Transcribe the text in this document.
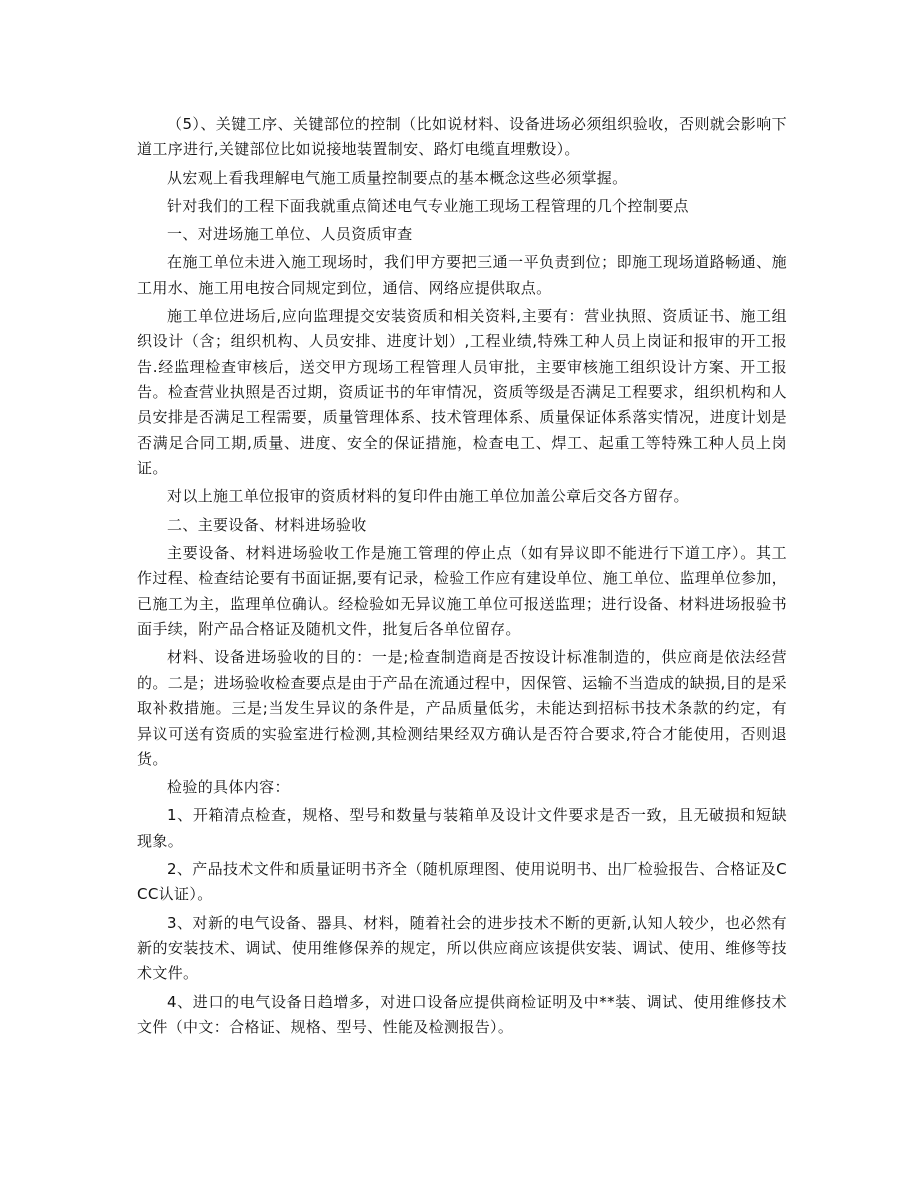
（5）、关键工序、关键部位的控制（比如说材料、设备进场必须组织验收，否则就会影响下道工序进行,关键部位比如说接地装置制安、路灯电缆直埋敷设）。

从宏观上看我理解电气施工质量控制要点的基本概念这些必须掌握。

针对我们的工程下面我就重点简述电气专业施工现场工程管理的几个控制要点

一、对进场施工单位、人员资质审查

在施工单位未进入施工现场时，我们甲方要把三通一平负责到位；即施工现场道路畅通、施工用水、施工用电按合同规定到位，通信、网络应提供取点。

施工单位进场后,应向监理提交安装资质和相关资料,主要有：营业执照、资质证书、施工组织设计（含；组织机构、人员安排、进度计划）,工程业绩,特殊工种人员上岗证和报审的开工报告.经监理检查审核后，送交甲方现场工程管理人员审批，主要审核施工组织设计方案、开工报告。检查营业执照是否过期，资质证书的年审情况，资质等级是否满足工程要求，组织机构和人员安排是否满足工程需要，质量管理体系、技术管理体系、质量保证体系落实情况，进度计划是否满足合同工期,质量、进度、安全的保证措施，检查电工、焊工、起重工等特殊工种人员上岗证。

对以上施工单位报审的资质材料的复印件由施工单位加盖公章后交各方留存。

二、主要设备、材料进场验收

主要设备、材料进场验收工作是施工管理的停止点（如有异议即不能进行下道工序）。其工作过程、检查结论要有书面证据,要有记录，检验工作应有建设单位、施工单位、监理单位参加，已施工为主，监理单位确认。经检验如无异议施工单位可报送监理；进行设备、材料进场报验书面手续，附产品合格证及随机文件，批复后各单位留存。

材料、设备进场验收的目的：一是;检查制造商是否按设计标准制造的，供应商是依法经营的。二是；进场验收检查要点是由于产品在流通过程中，因保管、运输不当造成的缺损,目的是采取补救措施。三是;当发生异议的条件是，产品质量低劣，未能达到招标书技术条款的约定，有异议可送有资质的实验室进行检测,其检测结果经双方确认是否符合要求,符合才能使用，否则退货。

检验的具体内容：

1、开箱清点检查，规格、型号和数量与装箱单及设计文件要求是否一致，且无破损和短缺现象。

2、产品技术文件和质量证明书齐全（随机原理图、使用说明书、出厂检验报告、合格证及CCC认证）。

3、对新的电气设备、器具、材料，随着社会的进步技术不断的更新,认知人较少，也必然有新的安装技术、调试、使用维修保养的规定，所以供应商应该提供安装、调试、使用、维修等技术文件。

4、进口的电气设备日趋增多，对进口设备应提供商检证明及中**装、调试、使用维修技术文件（中文：合格证、规格、型号、性能及检测报告）。
